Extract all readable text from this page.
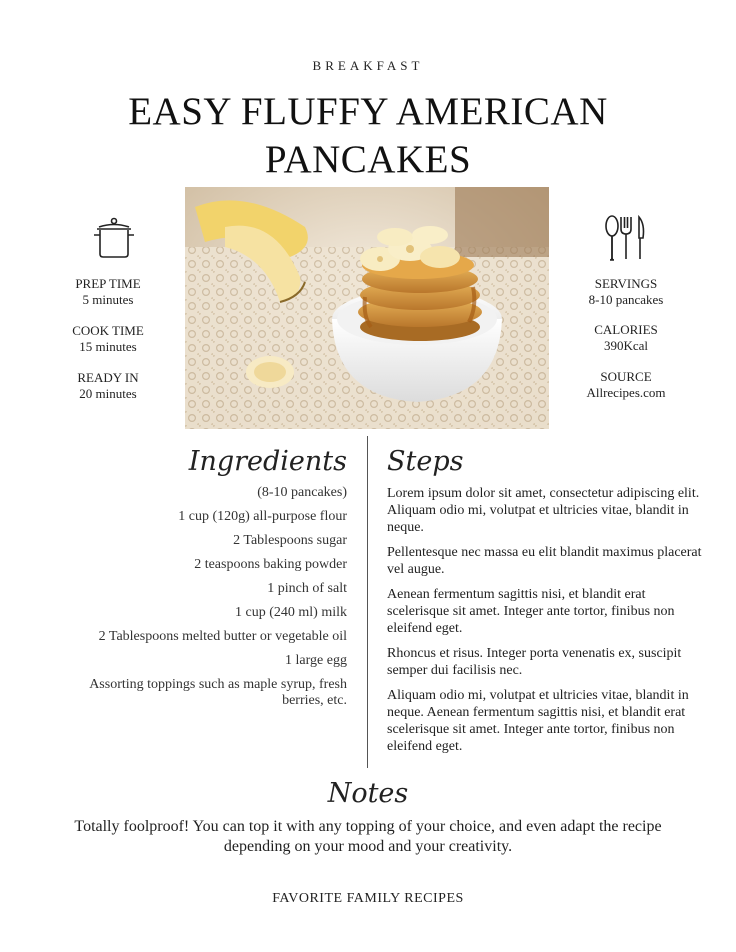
BREAKFAST
EASY FLUFFY AMERICAN PANCAKES
PREP TIME
5 minutes
COOK TIME
15 minutes
READY IN
20 minutes
SERVINGS
8-10 pancakes
CALORIES
390Kcal
SOURCE
Allrecipes.com
Ingredients
(8-10 pancakes)
1 cup (120g) all-purpose flour
2 Tablespoons sugar
2 teaspoons baking powder
1 pinch of salt
1 cup (240 ml) milk
2 Tablespoons melted butter or vegetable oil
1 large egg
Assorting toppings such as maple syrup, fresh berries, etc.
Steps

Lorem ipsum dolor sit amet, consectetur adipiscing elit. Aliquam odio mi, volutpat et ultricies vitae, blandit in neque.

Pellentesque nec massa eu elit blandit maximus placerat vel augue.

Aenean fermentum sagittis nisi, et blandit erat scelerisque sit amet. Integer ante tortor, finibus non eleifend eget.

Rhoncus et risus. Integer porta venenatis ex, suscipit semper dui facilisis nec.

Aliquam odio mi, volutpat et ultricies vitae, blandit in neque. Aenean fermentum sagittis nisi, et blandit erat scelerisque sit amet. Integer ante tortor, finibus non eleifend eget.

Notes
Totally foolproof! You can top it with any topping of your choice, and even adapt the recipe depending on your mood and your creativity.
FAVORITE FAMILY RECIPES
